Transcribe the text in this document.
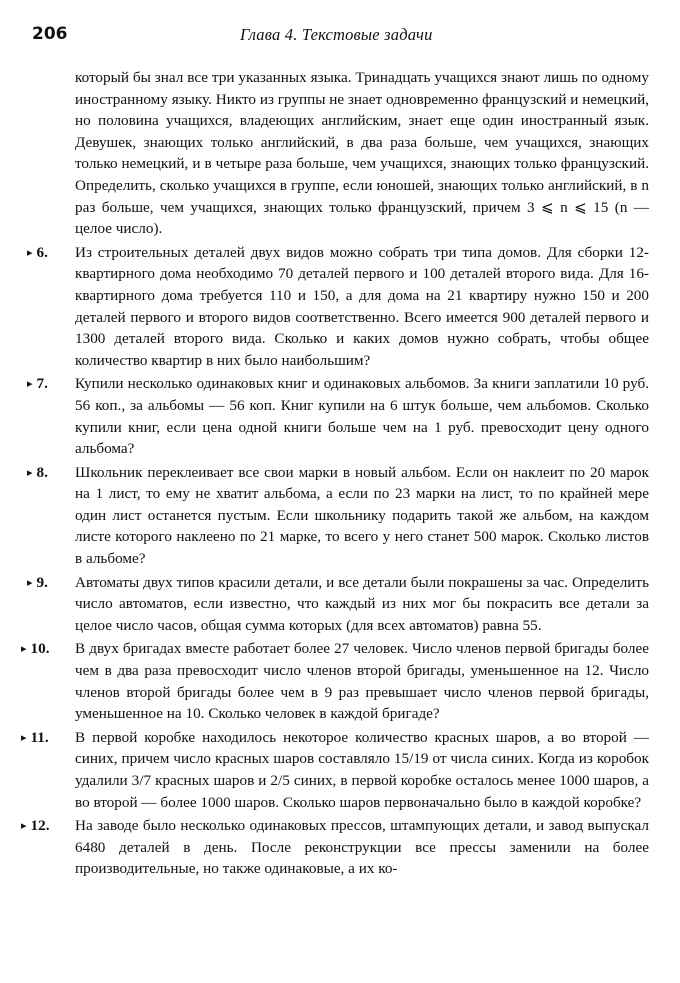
206	Глава 4. Текстовые задачи
который бы знал все три указанных языка. Тринадцать учащихся знают лишь по одному иностранному языку. Никто из группы не знает одновременно французский и немецкий, но половина учащихся, владеющих английским, знает еще один иностранный язык. Девушек, знающих только английский, в два раза больше, чем учащихся, знающих только немецкий, и в четыре раза больше, чем учащихся, знающих только французский. Определить, сколько учащихся в группе, если юношей, знающих только английский, в n раз больше, чем учащихся, знающих только французский, причем 3 ⩽ n ⩽ 15 (n — целое число).
▸ 6.	Из строительных деталей двух видов можно собрать три типа домов. Для сборки 12-квартирного дома необходимо 70 деталей первого и 100 деталей второго вида. Для 16-квартирного дома требуется 110 и 150, а для дома на 21 квартиру нужно 150 и 200 деталей первого и второго видов соответственно. Всего имеется 900 деталей первого и 1300 деталей второго вида. Сколько и каких домов нужно собрать, чтобы общее количество квартир в них было наибольшим?
▸ 7.	Купили несколько одинаковых книг и одинаковых альбомов. За книги заплатили 10 руб. 56 коп., за альбомы — 56 коп. Книг купили на 6 штук больше, чем альбомов. Сколько купили книг, если цена одной книги больше чем на 1 руб. превосходит цену одного альбома?
▸ 8.	Школьник переклеивает все свои марки в новый альбом. Если он наклеит по 20 марок на 1 лист, то ему не хватит альбома, а если по 23 марки на лист, то по крайней мере один лист останется пустым. Если школьнику подарить такой же альбом, на каждом листе которого наклеено по 21 марке, то всего у него станет 500 марок. Сколько листов в альбоме?
▸ 9.	Автоматы двух типов красили детали, и все детали были покрашены за час. Определить число автоматов, если известно, что каждый из них мог бы покрасить все детали за целое число часов, общая сумма которых (для всех автоматов) равна 55.
▸ 10.	В двух бригадах вместе работает более 27 человек. Число членов первой бригады более чем в два раза превосходит число членов второй бригады, уменьшенное на 12. Число членов второй бригады более чем в 9 раз превышает число членов первой бригады, уменьшенное на 10. Сколько человек в каждой бригаде?
▸ 11.	В первой коробке находилось некоторое количество красных шаров, а во второй — синих, причем число красных шаров составляло 15/19 от числа синих. Когда из коробок удалили 3/7 красных шаров и 2/5 синих, в первой коробке осталось менее 1000 шаров, а во второй — более 1000 шаров. Сколько шаров первоначально было в каждой коробке?
▸ 12.	На заводе было несколько одинаковых прессов, штампующих детали, и завод выпускал 6480 деталей в день. После реконструкции все прессы заменили на более производительные, но также одинаковые, а их ко-
